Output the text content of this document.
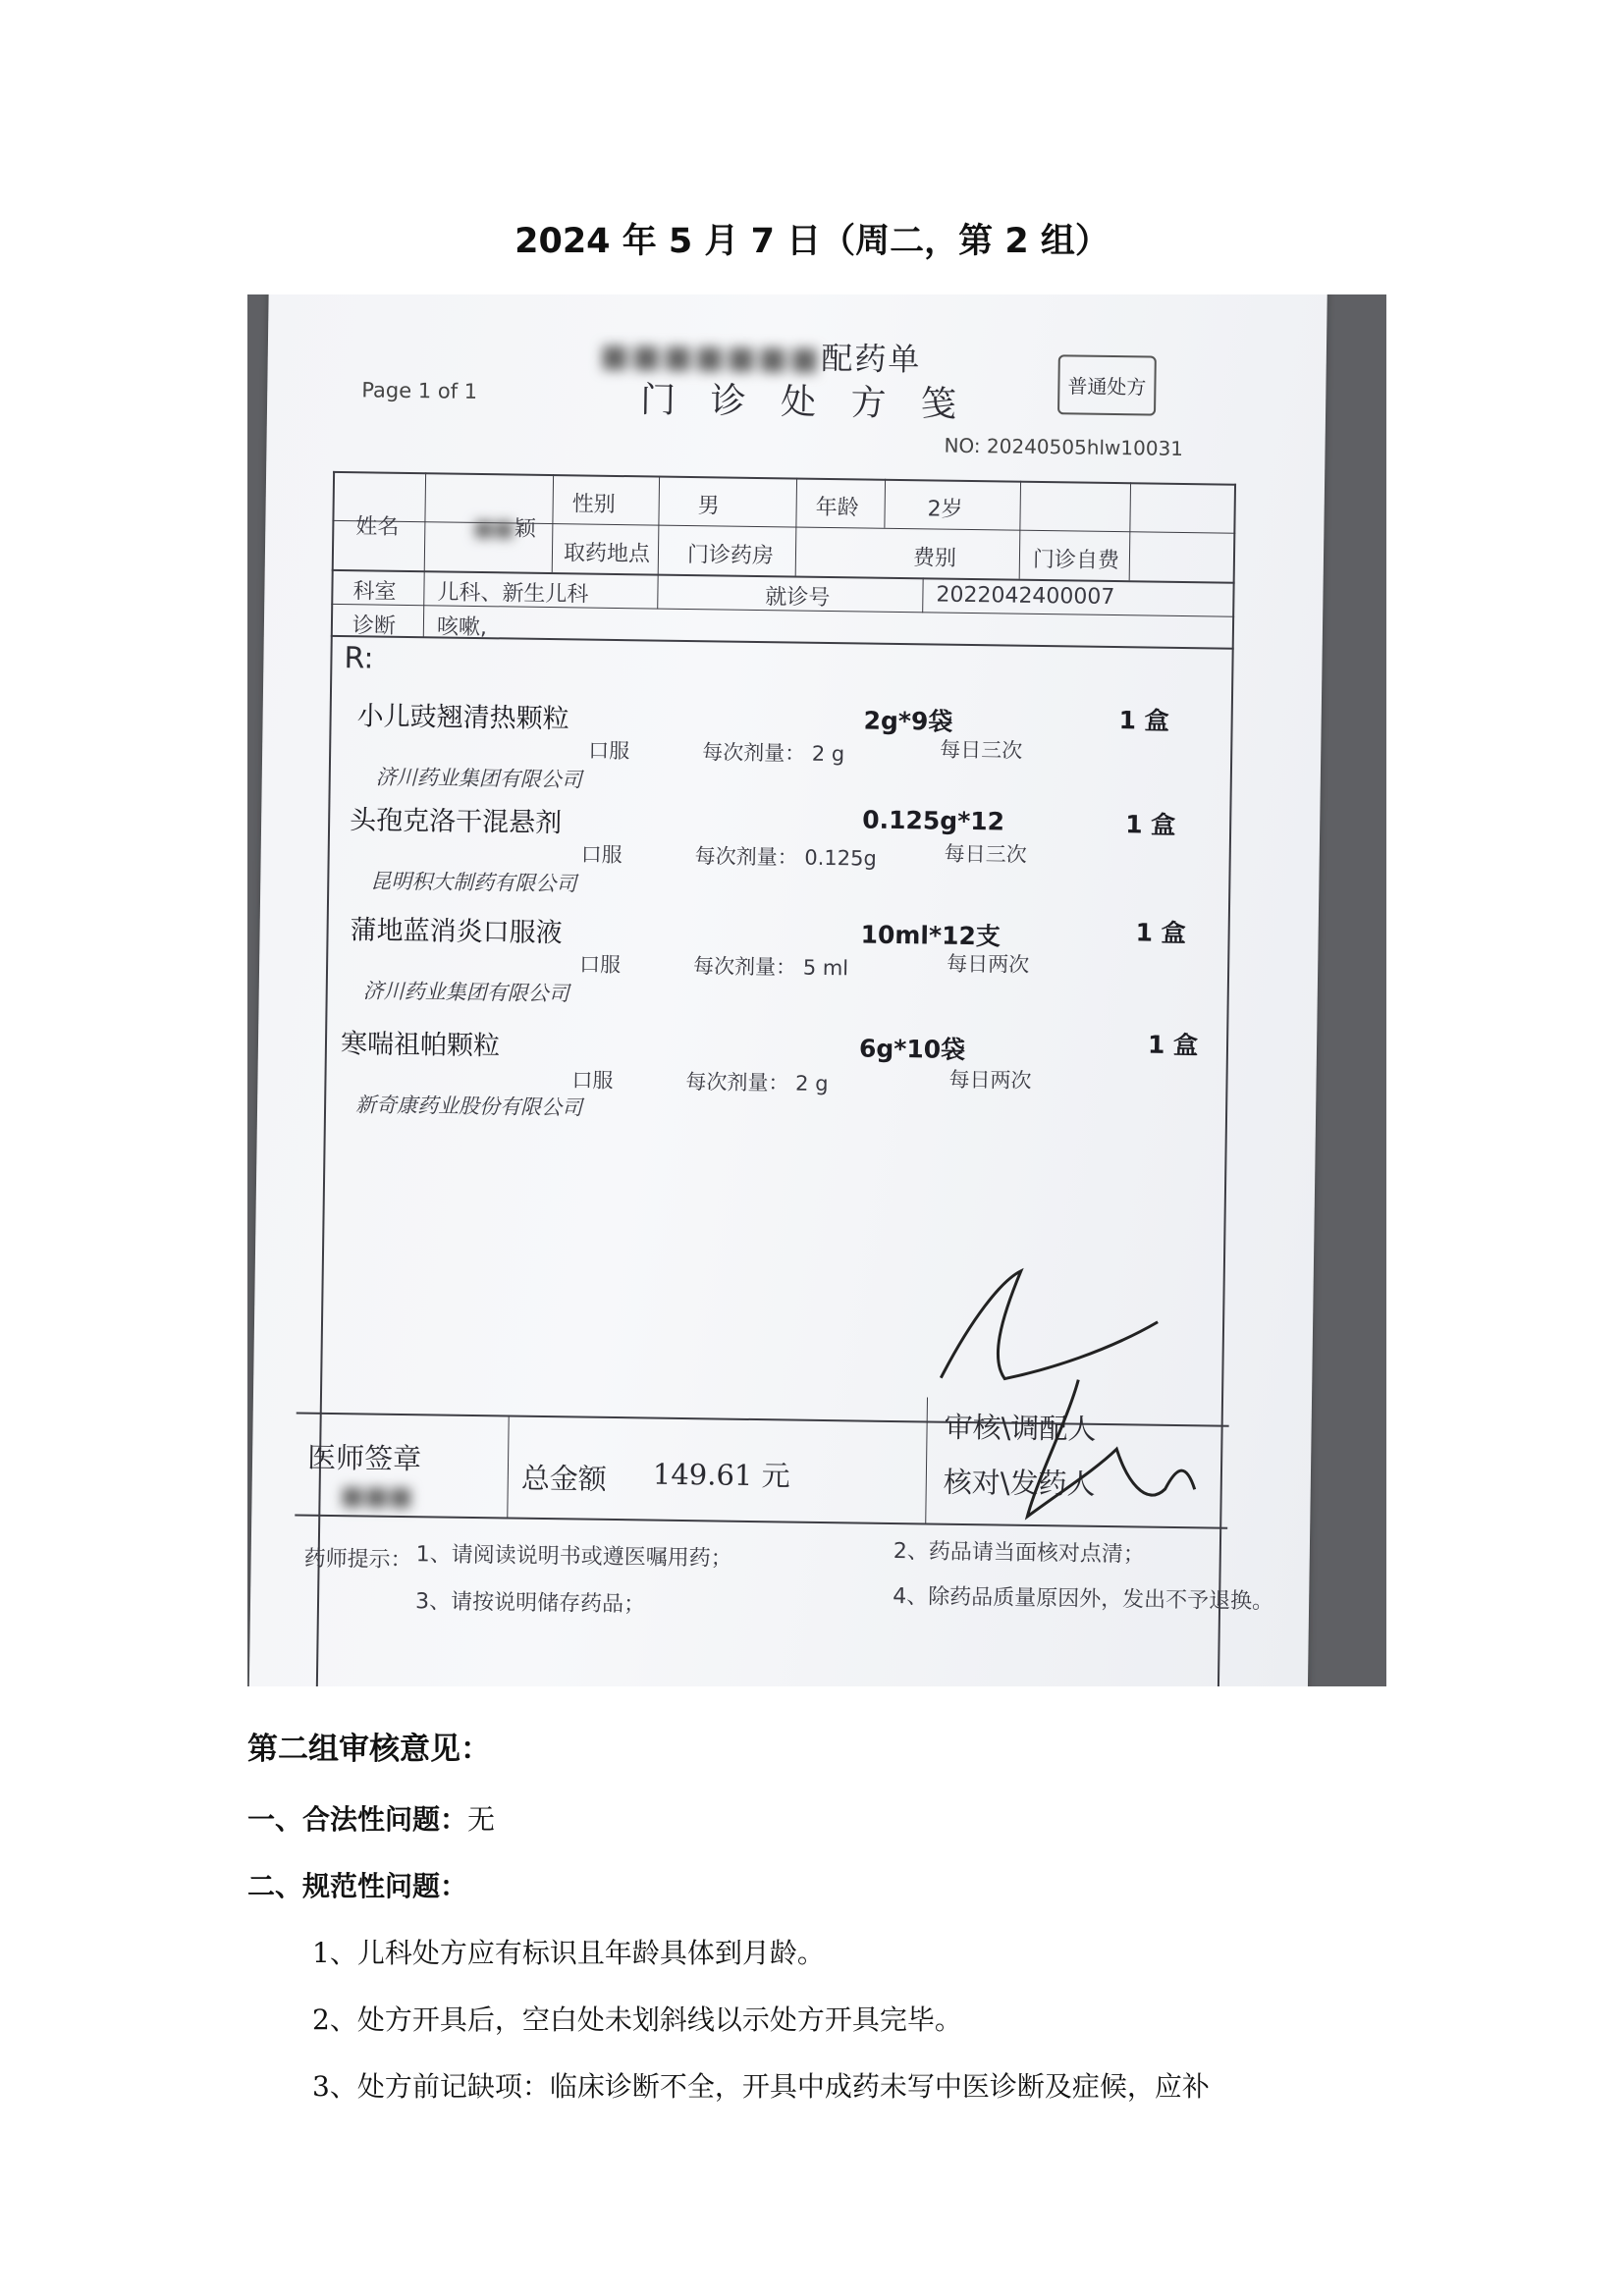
2024 年 5 月 7 日（周二，第 2 组）
■■■■■■■配药单
Page 1 of 1	门 诊 处 方 笺	普通处方
NO: 20240505hlw10031
姓名	■■颖
性别	男	年龄	2岁
取药地点 门诊药房	费别	门诊自费
科室 儿科、新生儿科	就诊号	2022042400007
诊断 咳嗽,
R:
小儿豉翘清热颗粒	2g*9袋	1 盒
口服	每次剂量： 2 g	每日三次
济川药业集团有限公司
头孢克洛干混悬剂	0.125g*12	1 盒
口服	每次剂量： 0.125g	每日三次
昆明积大制药有限公司
蒲地蓝消炎口服液	10ml*12支	1 盒
口服	每次剂量： 5 ml	每日两次
济川药业集团有限公司
寒喘祖帕颗粒	6g*10袋	1 盒
口服	每次剂量： 2 g	每日两次
新奇康药业股份有限公司
医师签章
■■■
总金额 149.61 元
审核\调配人
核对\发药人
药师提示： 1、请阅读说明书或遵医嘱用药；	2、药品请当面核对点清；
3、请按说明储存药品；	4、除药品质量原因外，发出不予退换。
第二组审核意见：
一、合法性问题：无
二、规范性问题：
1、儿科处方应有标识且年龄具体到月龄。
2、处方开具后，空白处未划斜线以示处方开具完毕。
3、处方前记缺项：临床诊断不全，开具中成药未写中医诊断及症候，应补
